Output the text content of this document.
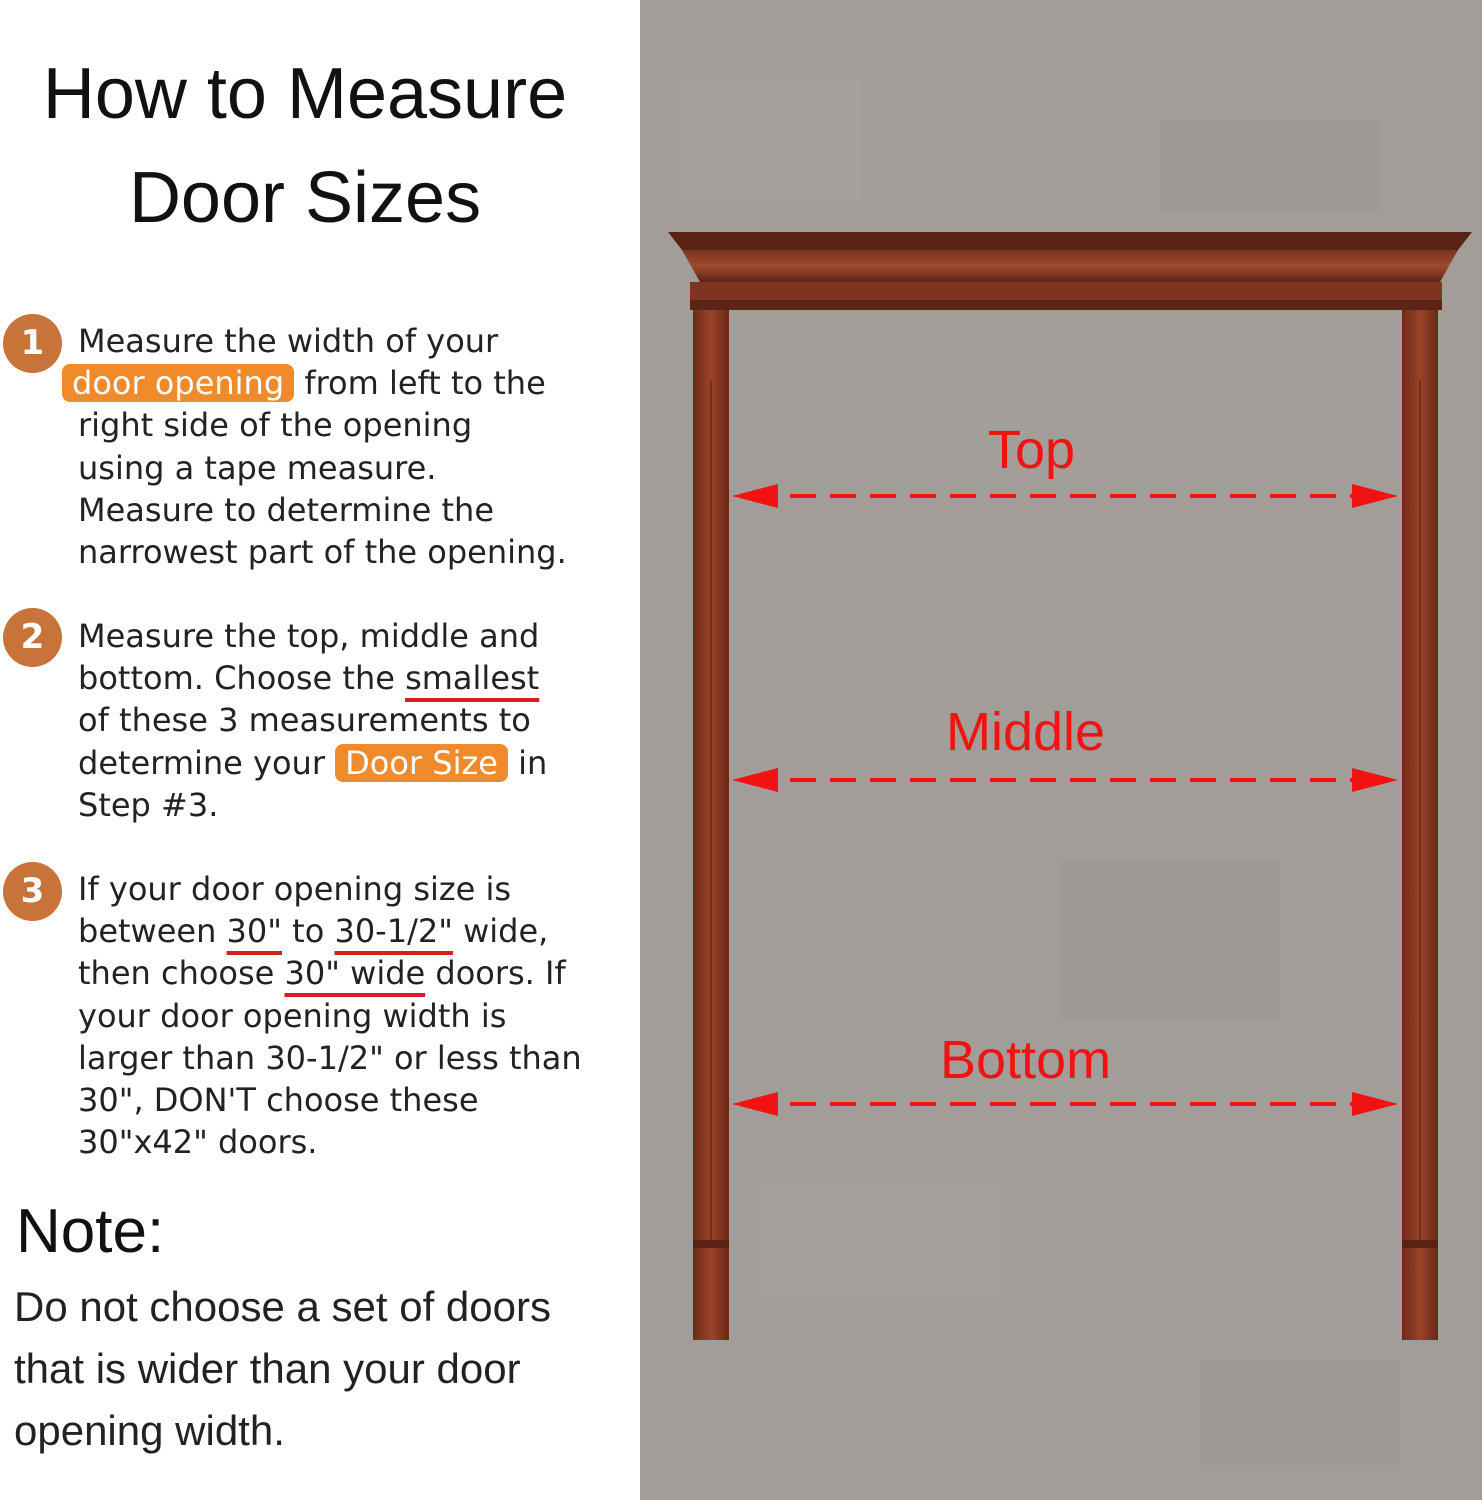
How to Measure
Door Sizes
1	Measure the width of your
door opening from left to the
right side of the opening
using a tape measure.
Measure to determine the
narrowest part of the opening.
2	Measure the top, middle and
bottom. Choose the smallest
of these 3 measurements to
determine your Door Size in
Step #3.
3	If your door opening size is
between 30" to 30-1/2" wide,
then choose 30" wide doors. If
your door opening width is
larger than 30-1/2" or less than
30", DON'T choose these
30"x42" doors.
Note:
Do not choose a set of doors
that is wider than your door
opening width.
Top
Middle
Bottom
